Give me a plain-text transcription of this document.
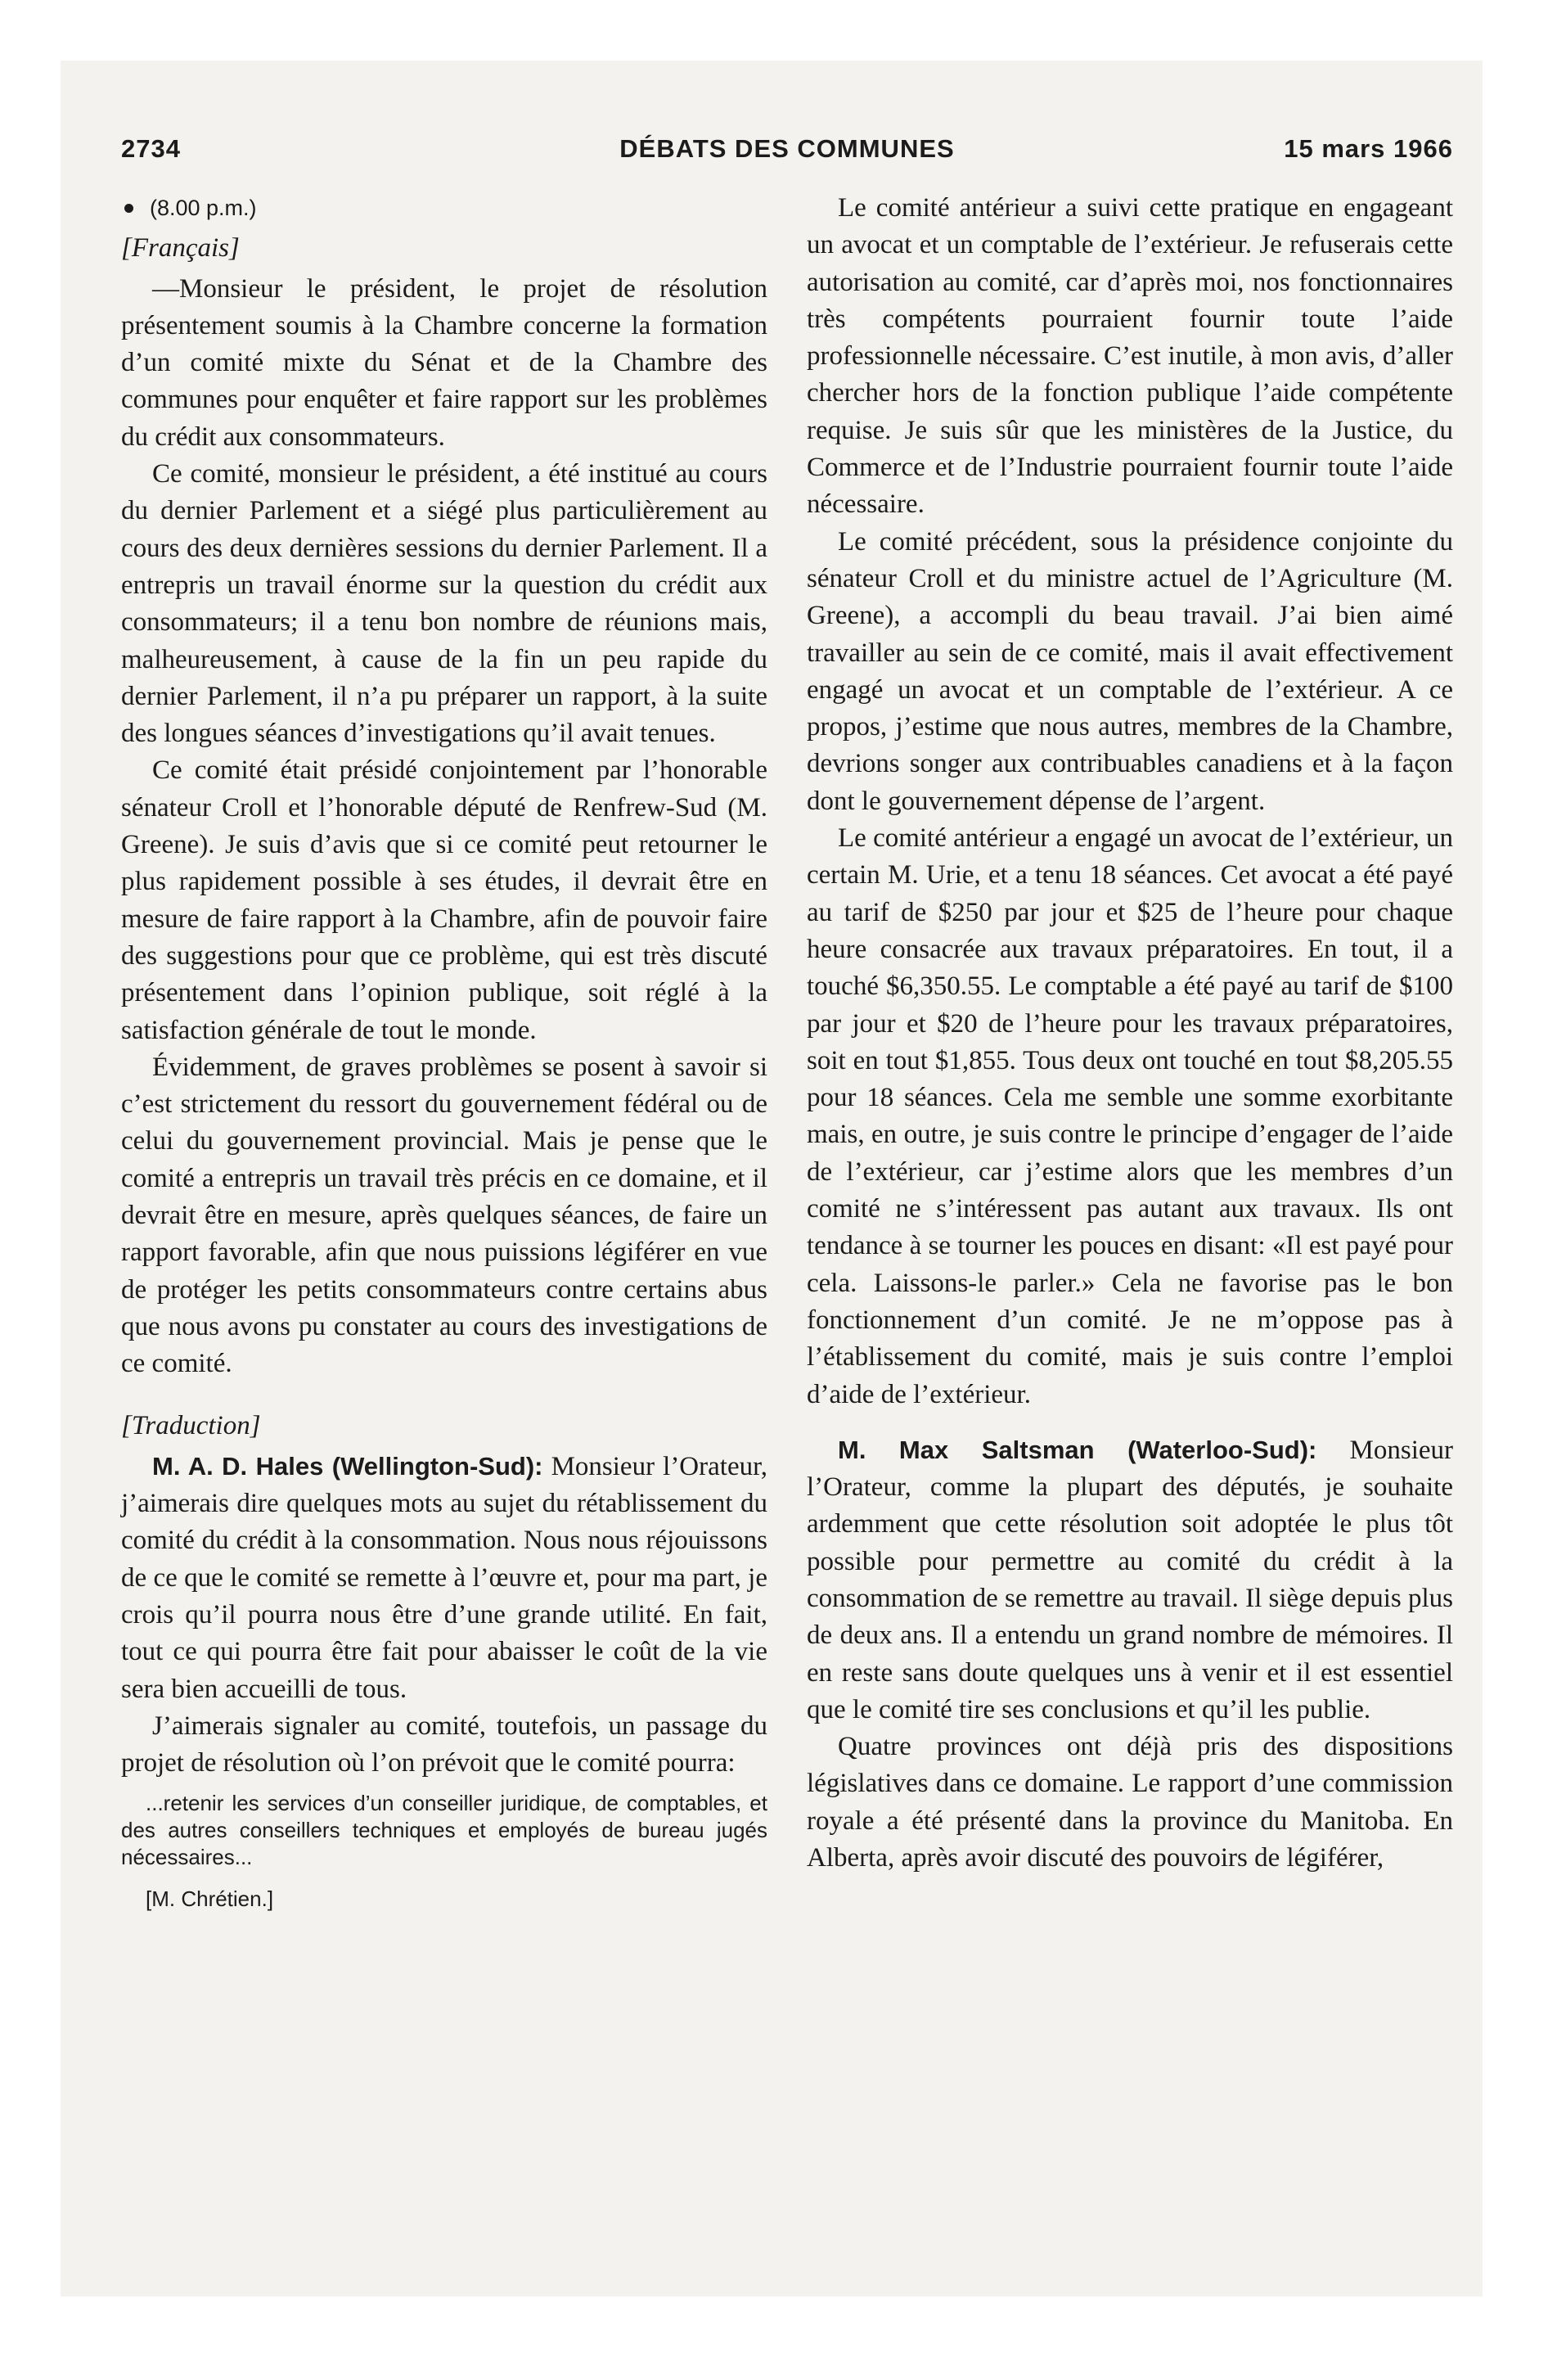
2734	DÉBATS DES COMMUNES	15 mars 1966

(8.00 p.m.)

[Français]

—Monsieur le président, le projet de résolution présentement soumis à la Chambre concerne la formation d’un comité mixte du Sénat et de la Chambre des communes pour enquêter et faire rapport sur les problèmes du crédit aux consommateurs.

Ce comité, monsieur le président, a été institué au cours du dernier Parlement et a siégé plus particulièrement au cours des deux dernières sessions du dernier Parlement. Il a entrepris un travail énorme sur la question du crédit aux consommateurs; il a tenu bon nombre de réunions mais, malheureusement, à cause de la fin un peu rapide du dernier Parlement, il n’a pu préparer un rapport, à la suite des longues séances d’investigations qu’il avait tenues.

Ce comité était présidé conjointement par l’honorable sénateur Croll et l’honorable député de Renfrew-Sud (M. Greene). Je suis d’avis que si ce comité peut retourner le plus rapidement possible à ses études, il devrait être en mesure de faire rapport à la Chambre, afin de pouvoir faire des suggestions pour que ce problème, qui est très discuté présentement dans l’opinion publique, soit réglé à la satisfaction générale de tout le monde.

Évidemment, de graves problèmes se posent à savoir si c’est strictement du ressort du gouvernement fédéral ou de celui du gouvernement provincial. Mais je pense que le comité a entrepris un travail très précis en ce domaine, et il devrait être en mesure, après quelques séances, de faire un rapport favorable, afin que nous puissions légiférer en vue de protéger les petits consommateurs contre certains abus que nous avons pu constater au cours des investigations de ce comité.

[Traduction]

M. A. D. Hales (Wellington-Sud): Monsieur l’Orateur, j’aimerais dire quelques mots au sujet du rétablissement du comité du crédit à la consommation. Nous nous réjouissons de ce que le comité se remette à l’œuvre et, pour ma part, je crois qu’il pourra nous être d’une grande utilité. En fait, tout ce qui pourra être fait pour abaisser le coût de la vie sera bien accueilli de tous.

J’aimerais signaler au comité, toutefois, un passage du projet de résolution où l’on prévoit que le comité pourra:

...retenir les services d’un conseiller juridique, de comptables, et des autres conseillers techniques et employés de bureau jugés nécessaires...

[M. Chrétien.]

Le comité antérieur a suivi cette pratique en engageant un avocat et un comptable de l’extérieur. Je refuserais cette autorisation au comité, car d’après moi, nos fonctionnaires très compétents pourraient fournir toute l’aide professionnelle nécessaire. C’est inutile, à mon avis, d’aller chercher hors de la fonction publique l’aide compétente requise. Je suis sûr que les ministères de la Justice, du Commerce et de l’Industrie pourraient fournir toute l’aide nécessaire.

Le comité précédent, sous la présidence conjointe du sénateur Croll et du ministre actuel de l’Agriculture (M. Greene), a accompli du beau travail. J’ai bien aimé travailler au sein de ce comité, mais il avait effectivement engagé un avocat et un comptable de l’extérieur. A ce propos, j’estime que nous autres, membres de la Chambre, devrions songer aux contribuables canadiens et à la façon dont le gouvernement dépense de l’argent.

Le comité antérieur a engagé un avocat de l’extérieur, un certain M. Urie, et a tenu 18 séances. Cet avocat a été payé au tarif de $250 par jour et $25 de l’heure pour chaque heure consacrée aux travaux préparatoires. En tout, il a touché $6,350.55. Le comptable a été payé au tarif de $100 par jour et $20 de l’heure pour les travaux préparatoires, soit en tout $1,855. Tous deux ont touché en tout $8,205.55 pour 18 séances. Cela me semble une somme exorbitante mais, en outre, je suis contre le principe d’engager de l’aide de l’extérieur, car j’estime alors que les membres d’un comité ne s’intéressent pas autant aux travaux. Ils ont tendance à se tourner les pouces en disant: «Il est payé pour cela. Laissons-le parler.» Cela ne favorise pas le bon fonctionnement d’un comité. Je ne m’oppose pas à l’établissement du comité, mais je suis contre l’emploi d’aide de l’extérieur.

M. Max Saltsman (Waterloo-Sud): Monsieur l’Orateur, comme la plupart des députés, je souhaite ardemment que cette résolution soit adoptée le plus tôt possible pour permettre au comité du crédit à la consommation de se remettre au travail. Il siège depuis plus de deux ans. Il a entendu un grand nombre de mémoires. Il en reste sans doute quelques uns à venir et il est essentiel que le comité tire ses conclusions et qu’il les publie.

Quatre provinces ont déjà pris des dispositions législatives dans ce domaine. Le rapport d’une commission royale a été présenté dans la province du Manitoba. En Alberta, après avoir discuté des pouvoirs de légiférer,
